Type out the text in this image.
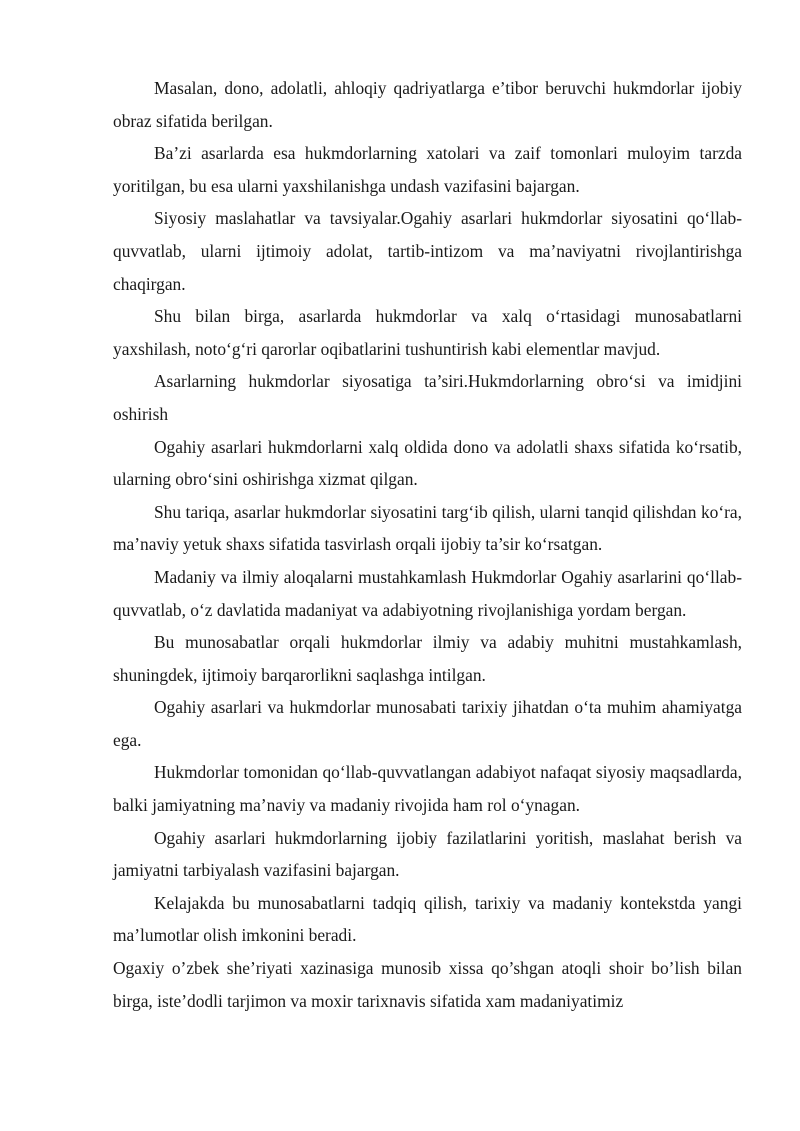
Masalan, dono, adolatli, ahloqiy qadriyatlarga e’tibor beruvchi hukmdorlar ijobiy obraz sifatida berilgan.

Ba’zi asarlarda esa hukmdorlarning xatolari va zaif tomonlari muloyim tarzda yoritilgan, bu esa ularni yaxshilanishga undash vazifasini bajargan.

Siyosiy maslahatlar va tavsiyalar.Ogahiy asarlari hukmdorlar siyosatini qo‘llab-quvvatlab, ularni ijtimoiy adolat, tartib-intizom va ma’naviyatni rivojlantirishga chaqirgan.

Shu bilan birga, asarlarda hukmdorlar va xalq o‘rtasidagi munosabatlarni yaxshilash, noto‘g‘ri qarorlar oqibatlarini tushuntirish kabi elementlar mavjud.

Asarlarning hukmdorlar siyosatiga ta’siri.Hukmdorlarning obro‘si va imidjini oshirish

Ogahiy asarlari hukmdorlarni xalq oldida dono va adolatli shaxs sifatida ko‘rsatib, ularning obro‘sini oshirishga xizmat qilgan.

Shu tariqa, asarlar hukmdorlar siyosatini targ‘ib qilish, ularni tanqid qilishdan ko‘ra, ma’naviy yetuk shaxs sifatida tasvirlash orqali ijobiy ta’sir ko‘rsatgan.

Madaniy va ilmiy aloqalarni mustahkamlash Hukmdorlar Ogahiy asarlarini qo‘llab-quvvatlab, o‘z davlatida madaniyat va adabiyotning rivojlanishiga yordam bergan.

Bu munosabatlar orqali hukmdorlar ilmiy va adabiy muhitni mustahkamlash, shuningdek, ijtimoiy barqarorlikni saqlashga intilgan.

Ogahiy asarlari va hukmdorlar munosabati tarixiy jihatdan o‘ta muhim ahamiyatga ega.

Hukmdorlar tomonidan qo‘llab-quvvatlangan adabiyot nafaqat siyosiy maqsadlarda, balki jamiyatning ma’naviy va madaniy rivojida ham rol o‘ynagan.

Ogahiy asarlari hukmdorlarning ijobiy fazilatlarini yoritish, maslahat berish va jamiyatni tarbiyalash vazifasini bajargan.

Kelajakda bu munosabatlarni tadqiq qilish, tarixiy va madaniy kontekstda yangi ma’lumotlar olish imkonini beradi.

Ogaxiy o’zbek she’riyati xazinasiga munosib xissa qo’shgan atoqli shoir bo’lish bilan birga, iste’dodli tarjimon va moxir tarixnavis sifatida xam madaniyatimiz
